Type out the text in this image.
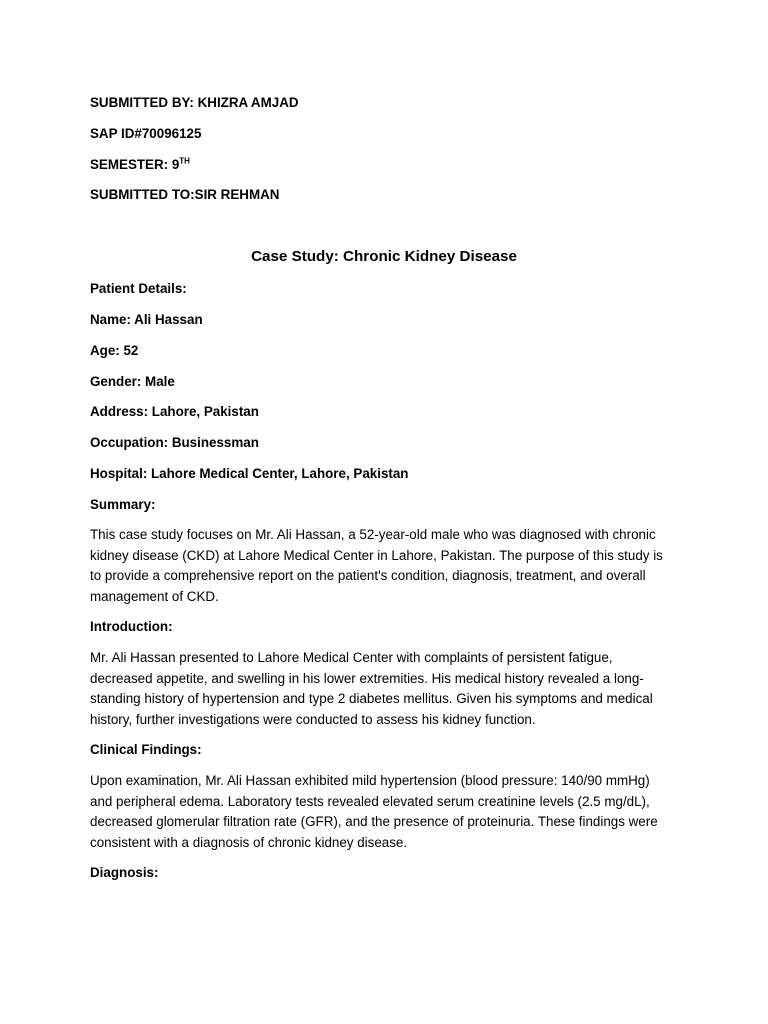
SUBMITTED BY: KHIZRA AMJAD

SAP ID#70096125

SEMESTER: 9TH

SUBMITTED TO:SIR REHMAN

Case Study: Chronic Kidney Disease

Patient Details:

Name: Ali Hassan

Age: 52

Gender: Male

Address: Lahore, Pakistan

Occupation: Businessman

Hospital: Lahore Medical Center, Lahore, Pakistan

Summary:

This case study focuses on Mr. Ali Hassan, a 52-year-old male who was diagnosed with chronic
kidney disease (CKD) at Lahore Medical Center in Lahore, Pakistan. The purpose of this study is
to provide a comprehensive report on the patient's condition, diagnosis, treatment, and overall
management of CKD.

Introduction:

Mr. Ali Hassan presented to Lahore Medical Center with complaints of persistent fatigue,
decreased appetite, and swelling in his lower extremities. His medical history revealed a long-
standing history of hypertension and type 2 diabetes mellitus. Given his symptoms and medical
history, further investigations were conducted to assess his kidney function.

Clinical Findings:

Upon examination, Mr. Ali Hassan exhibited mild hypertension (blood pressure: 140/90 mmHg)
and peripheral edema. Laboratory tests revealed elevated serum creatinine levels (2.5 mg/dL),
decreased glomerular filtration rate (GFR), and the presence of proteinuria. These findings were
consistent with a diagnosis of chronic kidney disease.

Diagnosis:
